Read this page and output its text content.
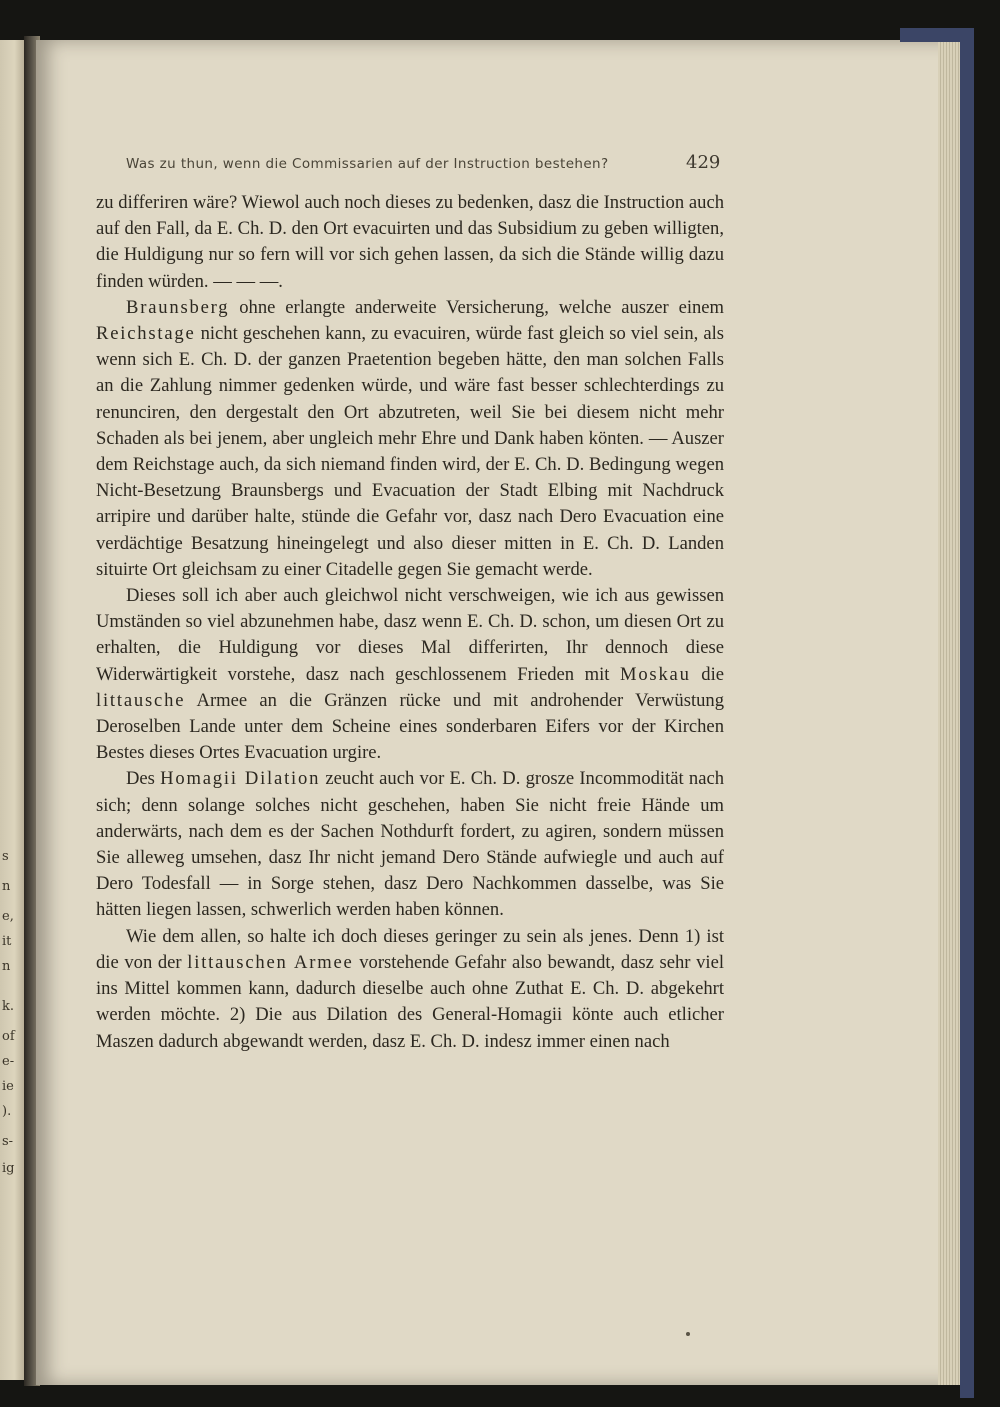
s
n
e,
it
n
k.
of
e-
ie
).
s-
ig
Was zu thun, wenn die Commissarien auf der Instruction bestehen?	429

zu differiren wäre? Wiewol auch noch dieses zu bedenken, dasz die Instruction auch auf den Fall, da E. Ch. D. den Ort evacuirten und das Subsidium zu geben willigten, die Huldigung nur so fern will vor sich gehen lassen, da sich die Stände willig dazu finden würden. — — —.

Braunsberg ohne erlangte anderweite Versicherung, welche auszer einem Reichstage nicht geschehen kann, zu evacuiren, würde fast gleich so viel sein, als wenn sich E. Ch. D. der ganzen Praetention begeben hätte, den man solchen Falls an die Zahlung nimmer gedenken würde, und wäre fast besser schlechterdings zu renunciren, den dergestalt den Ort abzutreten, weil Sie bei diesem nicht mehr Schaden als bei jenem, aber ungleich mehr Ehre und Dank haben könten. — Auszer dem Reichstage auch, da sich niemand finden wird, der E. Ch. D. Bedingung wegen Nicht-Besetzung Braunsbergs und Evacuation der Stadt Elbing mit Nachdruck arripire und darüber halte, stünde die Gefahr vor, dasz nach Dero Evacuation eine verdächtige Besatzung hineingelegt und also dieser mitten in E. Ch. D. Landen situirte Ort gleichsam zu einer Citadelle gegen Sie gemacht werde.

Dieses soll ich aber auch gleichwol nicht verschweigen, wie ich aus gewissen Umständen so viel abzunehmen habe, dasz wenn E. Ch. D. schon, um diesen Ort zu erhalten, die Huldigung vor dieses Mal differirten, Ihr dennoch diese Widerwärtigkeit vorstehe, dasz nach geschlossenem Frieden mit Moskau die littausche Armee an die Gränzen rücke und mit androhender Verwüstung Deroselben Lande unter dem Scheine eines sonderbaren Eifers vor der Kirchen Bestes dieses Ortes Evacuation urgire.

Des Homagii Dilation zeucht auch vor E. Ch. D. grosze Incommodität nach sich; denn solange solches nicht geschehen, haben Sie nicht freie Hände um anderwärts, nach dem es der Sachen Nothdurft fordert, zu agiren, sondern müssen Sie alleweg umsehen, dasz Ihr nicht jemand Dero Stände aufwiegle und auch auf Dero Todesfall — in Sorge stehen, dasz Dero Nachkommen dasselbe, was Sie hätten liegen lassen, schwerlich werden haben können.

Wie dem allen, so halte ich doch dieses geringer zu sein als jenes. Denn 1) ist die von der littauschen Armee vorstehende Gefahr also bewandt, dasz sehr viel ins Mittel kommen kann, dadurch dieselbe auch ohne Zuthat E. Ch. D. abgekehrt werden möchte. 2) Die aus Dilation des General-Homagii könte auch etlicher Maszen dadurch abgewandt werden, dasz E. Ch. D. indesz immer einen nach
